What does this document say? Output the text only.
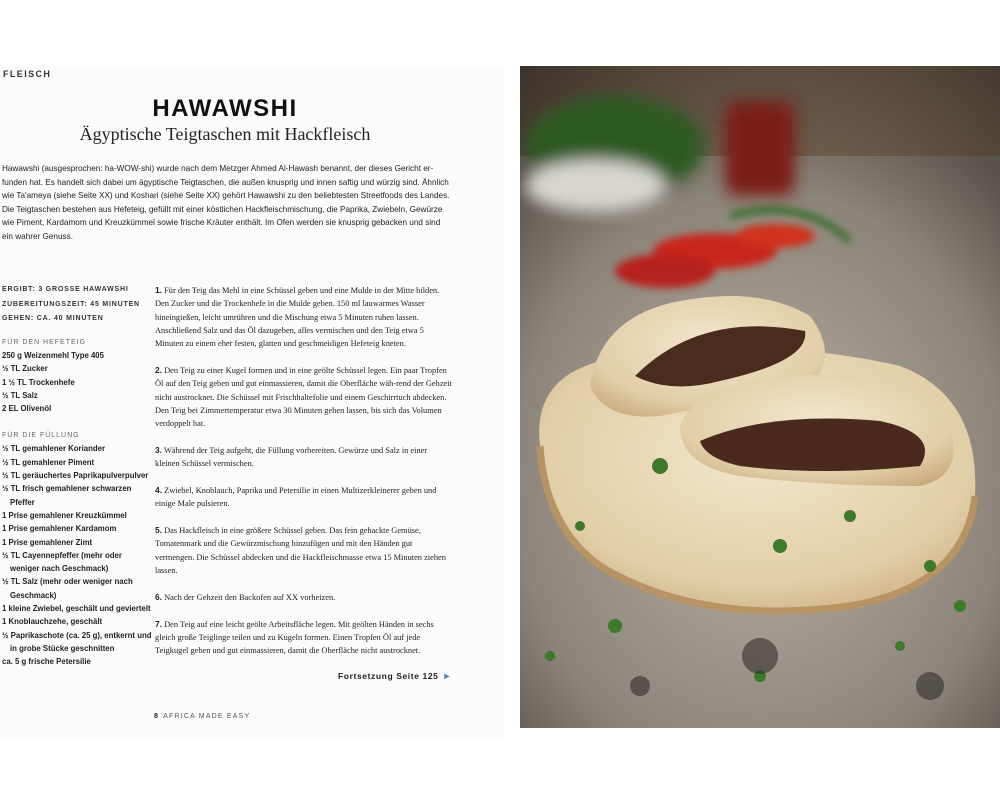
FLEISCH
HAWAWSHI
Ägyptische Teigtaschen mit Hackfleisch

Hawawshi (ausgesprochen: ha-WOW-shi) wurde nach dem Metzger Ahmed Al-Hawash benannt, der dieses Gericht er-funden hat. Es handelt sich dabei um ägyptische Teigtaschen, die außen knusprig und innen saftig und würzig sind. Ähnlich wie Ta'ameya (siehe Seite XX) und Koshari (siehe Seite XX) gehört Hawawshi zu den beliebtesten Streetfoods des Landes. Die Teigtaschen bestehen aus Hefeteig, gefüllt mit einer köstlichen Hackfleischmischung, die Paprika, Zwiebeln, Gewürze wie Piment, Kardamom und Kreuzkümmel sowie frische Kräuter enthält. Im Ofen werden sie knusprig gebacken und sind ein wahrer Genuss.

ERGIBT: 3 GROSSE HAWAWSHI
ZUBEREITUNGSZEIT: 45 MINUTEN
GEHEN: CA. 40 MINUTEN
FÜR DEN HEFETEIG
250 g Weizenmehl Type 405
½ TL Zucker
1 ½ TL Trockenhefe
½ TL Salz
2 EL Olivenöl
FÜR DIE FÜLLUNG
½ TL gemahlener Koriander
½ TL gemahlener Piment
½ TL geräuchertes Paprikapulverpulver
½ TL frisch gemahlener schwarzen Pfeffer
1 Prise gemahlener Kreuzkümmel
1 Prise gemahlener Kardamom
1 Prise gemahlener Zimt
½ TL Cayennepfeffer (mehr oder weniger nach Geschmack)
½ TL Salz (mehr oder weniger nach Geschmack)
1 kleine Zwiebel, geschält und geviertelt
1 Knoblauchzehe, geschält
½ Paprikaschote (ca. 25 g), entkernt und in grobe Stücke geschnitten
ca. 5 g frische Petersilie

1. Für den Teig das Mehl in eine Schüssel geben und eine Mulde in der Mitte bilden. Den Zucker und die Trockenhefe in die Mulde geben. 150 ml lauwarmes Wasser hineingießen, leicht umrühren und die Mischung etwa 5 Minuten ruhen lassen. Anschließend Salz und das Öl dazugeben, alles vermischen und den Teig etwa 5 Minuten zu einem eher festen, glatten und geschmeidigen Hefeteig kneten.

2. Den Teig zu einer Kugel formen und in eine geölte Schüssel legen. Ein paar Tropfen Öl auf den Teig geben und gut einmassieren, damit die Oberfläche wäh-rend der Gehzeit nicht austrocknet. Die Schüssel mit Frischhaltefolie und einem Geschirrtuch abdecken. Den Teig bei Zimmertemperatur etwa 30 Minuten gehen lassen, bis sich das Volumen verdoppelt hat.

3. Während der Teig aufgeht, die Füllung vorbereiten. Gewürze und Salz in einer kleinen Schüssel vermischen.

4. Zwiebel, Knoblauch, Paprika und Petersilie in einen Multizerkleinerer geben und einige Male pulsieren.

5. Das Hackfleisch in eine größere Schüssel geben. Das fein gehackte Gemüse, Tomatenmark und die Gewürzmischung hinzufügen und mit den Händen gut vermengen. Die Schüssel abdecken und die Hackfleischmasse etwa 15 Minuten ziehen lassen.

6. Nach der Gehzeit den Backofen auf XX vorheizen.

7. Den Teig auf eine leicht geölte Arbeitsfläche legen. Mit geölten Händen in sechs gleich große Teiglinge teilen und zu Kugeln formen. Einen Tropfen Öl auf jede Teigkugel geben und gut einmassieren, damit die Oberfläche nicht austrocknet.

Fortsetzung Seite 125 ►
8 AFRICA MADE EASY
